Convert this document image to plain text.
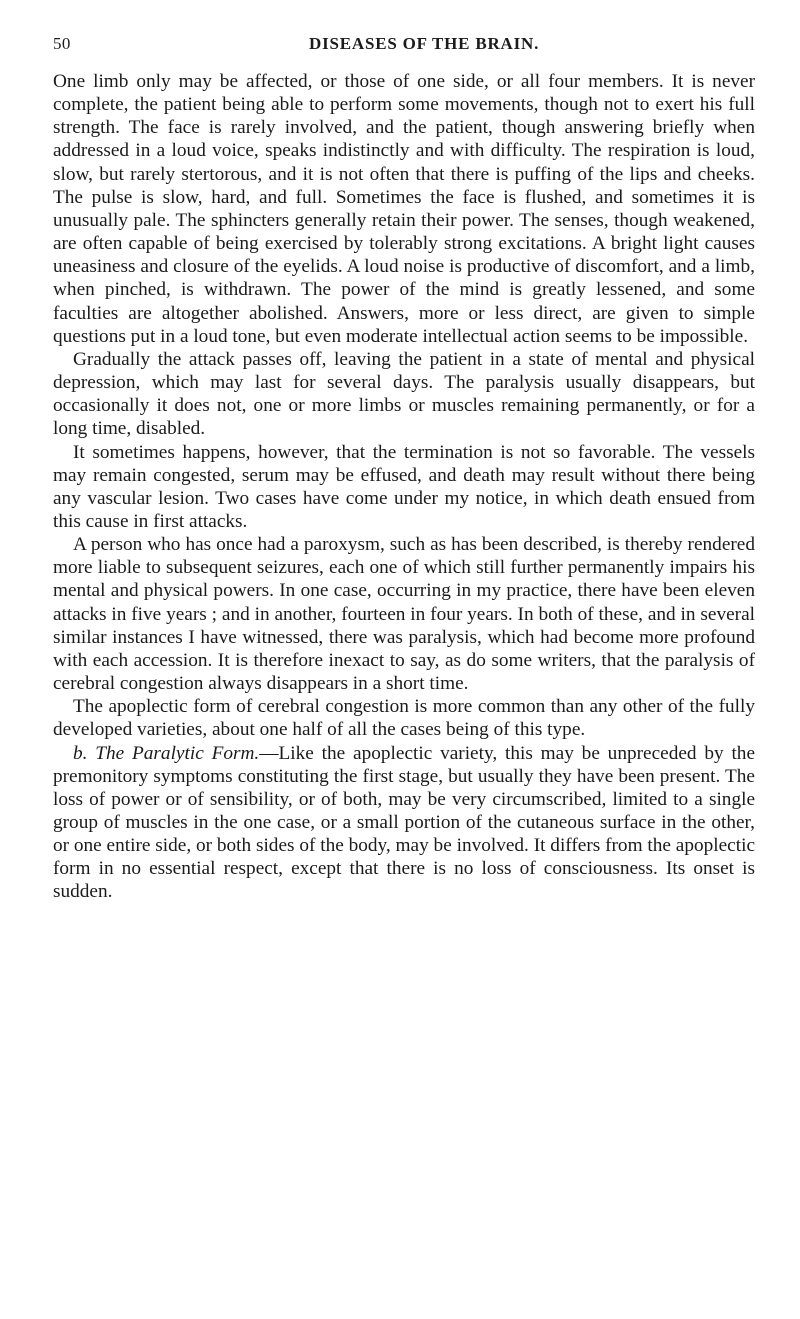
50	DISEASES OF THE BRAIN.

One limb only may be affected, or those of one side, or all four members. It is never complete, the patient being able to perform some movements, though not to exert his full strength. The face is rarely involved, and the patient, though answering briefly when addressed in a loud voice, speaks indistinctly and with difficulty. The respiration is loud, slow, but rarely stertorous, and it is not often that there is puffing of the lips and cheeks. The pulse is slow, hard, and full. Sometimes the face is flushed, and sometimes it is unusually pale. The sphincters generally retain their power. The senses, though weakened, are often capable of being exercised by tolerably strong excitations. A bright light causes uneasiness and closure of the eyelids. A loud noise is productive of discomfort, and a limb, when pinched, is withdrawn. The power of the mind is greatly lessened, and some faculties are altogether abolished. Answers, more or less direct, are given to simple questions put in a loud tone, but even moderate intellectual action seems to be impossible.

Gradually the attack passes off, leaving the patient in a state of mental and physical depression, which may last for several days. The paralysis usually disappears, but occasionally it does not, one or more limbs or muscles remaining permanently, or for a long time, disabled.

It sometimes happens, however, that the termination is not so favorable. The vessels may remain congested, serum may be effused, and death may result without there being any vascular lesion. Two cases have come under my notice, in which death ensued from this cause in first attacks.

A person who has once had a paroxysm, such as has been described, is thereby rendered more liable to subsequent seizures, each one of which still further permanently impairs his mental and physical powers. In one case, occurring in my practice, there have been eleven attacks in five years ; and in another, fourteen in four years. In both of these, and in several similar instances I have witnessed, there was paralysis, which had become more profound with each accession. It is therefore inexact to say, as do some writers, that the paralysis of cerebral congestion always disappears in a short time.

The apoplectic form of cerebral congestion is more common than any other of the fully developed varieties, about one half of all the cases being of this type.

b. The Paralytic Form.—Like the apoplectic variety, this may be unpreceded by the premonitory symptoms constituting the first stage, but usually they have been present. The loss of power or of sensibility, or of both, may be very circumscribed, limited to a single group of muscles in the one case, or a small portion of the cutaneous surface in the other, or one entire side, or both sides of the body, may be involved. It differs from the apoplectic form in no essential respect, except that there is no loss of consciousness. Its onset is sudden.
